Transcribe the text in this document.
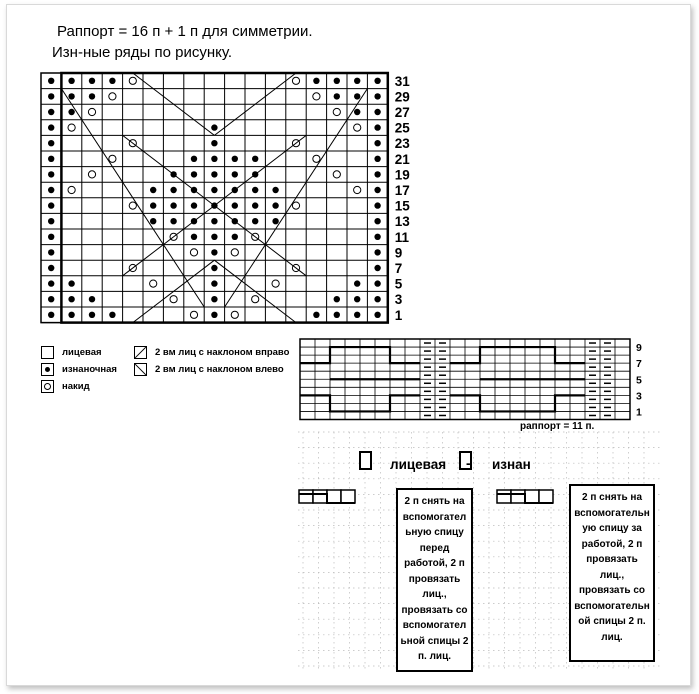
Раппорт = 16 п + 1 п для симметрии.
Изн-ные ряды по рисунку.
31
29
27
25
23
21
19
17
15
13
11
9
7
5
3
1
9
7
5
3
1
лицевая
изнаночная
накид
2 вм лиц с наклоном вправо
2 вм лиц с наклоном влево
раппорт = 11 п.
лицевая - изнан
2 п снять на
вспомогател
ьную спицу
перед
работой, 2 п
провязать
лиц.,
провязать со
вспомогател
ьной спицы 2
п. лиц.
2 п снять на
вспомогательн
ую спицу за
работой, 2 п
провязать
лиц.,
провязать со
вспомогательн
ой спицы 2 п.
лиц.
